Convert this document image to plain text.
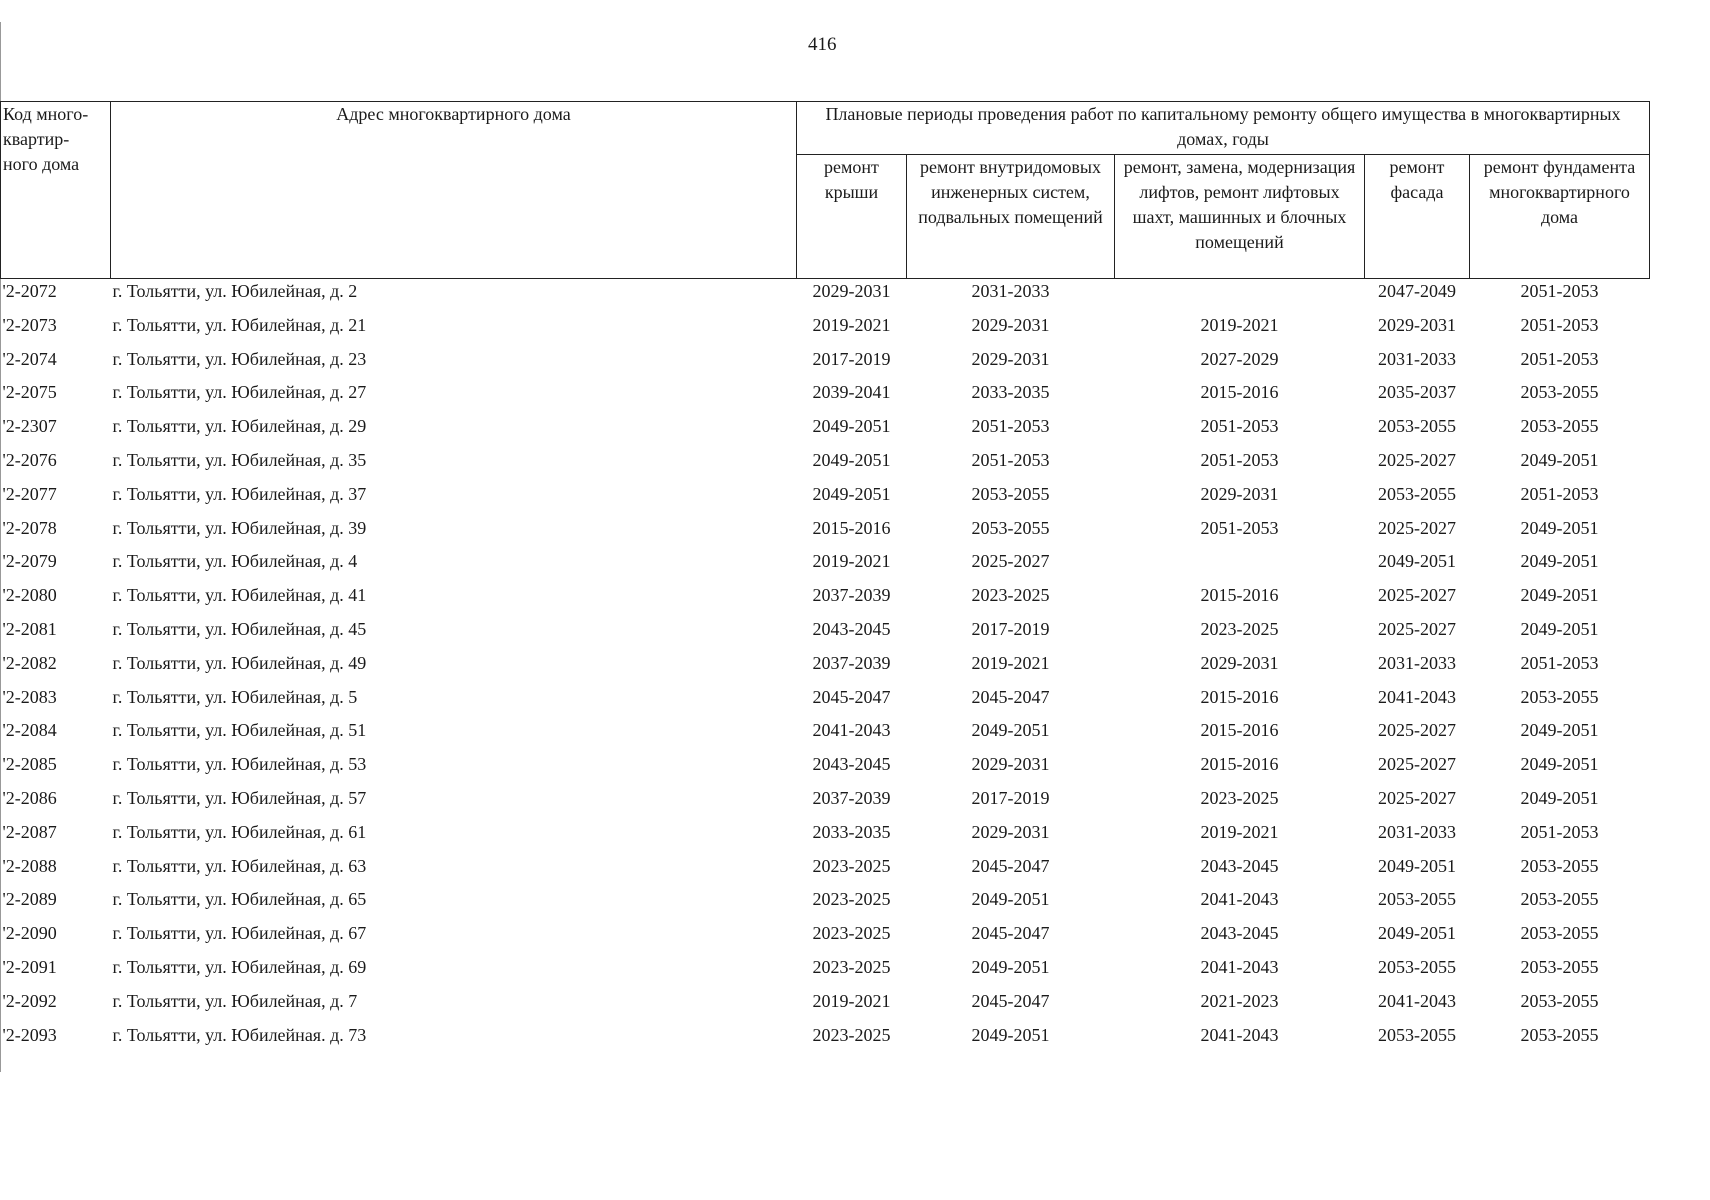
416
Код много-
квартир-
ного дома	Адрес многоквартирного дома	Плановые периоды проведения работ по капитальному ремонту общего имущества в многоквартирных домах, годы				
		ремонт крыши	ремонт внутридомовых инженерных систем, подвальных помещений	ремонт, замена, модернизация лифтов, ремонт лифтовых шахт, машинных и блочных помещений	ремонт фасада	ремонт фундамента многоквартирного дома
'2-2072	г. Тольятти, ул. Юбилейная, д. 2	2029-2031	2031-2033		2047-2049	2051-2053
'2-2073	г. Тольятти, ул. Юбилейная, д. 21	2019-2021	2029-2031	2019-2021	2029-2031	2051-2053
'2-2074	г. Тольятти, ул. Юбилейная, д. 23	2017-2019	2029-2031	2027-2029	2031-2033	2051-2053
'2-2075	г. Тольятти, ул. Юбилейная, д. 27	2039-2041	2033-2035	2015-2016	2035-2037	2053-2055
'2-2307	г. Тольятти, ул. Юбилейная, д. 29	2049-2051	2051-2053	2051-2053	2053-2055	2053-2055
'2-2076	г. Тольятти, ул. Юбилейная, д. 35	2049-2051	2051-2053	2051-2053	2025-2027	2049-2051
'2-2077	г. Тольятти, ул. Юбилейная, д. 37	2049-2051	2053-2055	2029-2031	2053-2055	2051-2053
'2-2078	г. Тольятти, ул. Юбилейная, д. 39	2015-2016	2053-2055	2051-2053	2025-2027	2049-2051
'2-2079	г. Тольятти, ул. Юбилейная, д. 4	2019-2021	2025-2027		2049-2051	2049-2051
'2-2080	г. Тольятти, ул. Юбилейная, д. 41	2037-2039	2023-2025	2015-2016	2025-2027	2049-2051
'2-2081	г. Тольятти, ул. Юбилейная, д. 45	2043-2045	2017-2019	2023-2025	2025-2027	2049-2051
'2-2082	г. Тольятти, ул. Юбилейная, д. 49	2037-2039	2019-2021	2029-2031	2031-2033	2051-2053
'2-2083	г. Тольятти, ул. Юбилейная, д. 5	2045-2047	2045-2047	2015-2016	2041-2043	2053-2055
'2-2084	г. Тольятти, ул. Юбилейная, д. 51	2041-2043	2049-2051	2015-2016	2025-2027	2049-2051
'2-2085	г. Тольятти, ул. Юбилейная, д. 53	2043-2045	2029-2031	2015-2016	2025-2027	2049-2051
'2-2086	г. Тольятти, ул. Юбилейная, д. 57	2037-2039	2017-2019	2023-2025	2025-2027	2049-2051
'2-2087	г. Тольятти, ул. Юбилейная, д. 61	2033-2035	2029-2031	2019-2021	2031-2033	2051-2053
'2-2088	г. Тольятти, ул. Юбилейная, д. 63	2023-2025	2045-2047	2043-2045	2049-2051	2053-2055
'2-2089	г. Тольятти, ул. Юбилейная, д. 65	2023-2025	2049-2051	2041-2043	2053-2055	2053-2055
'2-2090	г. Тольятти, ул. Юбилейная, д. 67	2023-2025	2045-2047	2043-2045	2049-2051	2053-2055
'2-2091	г. Тольятти, ул. Юбилейная, д. 69	2023-2025	2049-2051	2041-2043	2053-2055	2053-2055
'2-2092	г. Тольятти, ул. Юбилейная, д. 7	2019-2021	2045-2047	2021-2023	2041-2043	2053-2055
'2-2093	г. Тольятти, ул. Юбилейная. д. 73	2023-2025	2049-2051	2041-2043	2053-2055	2053-2055
